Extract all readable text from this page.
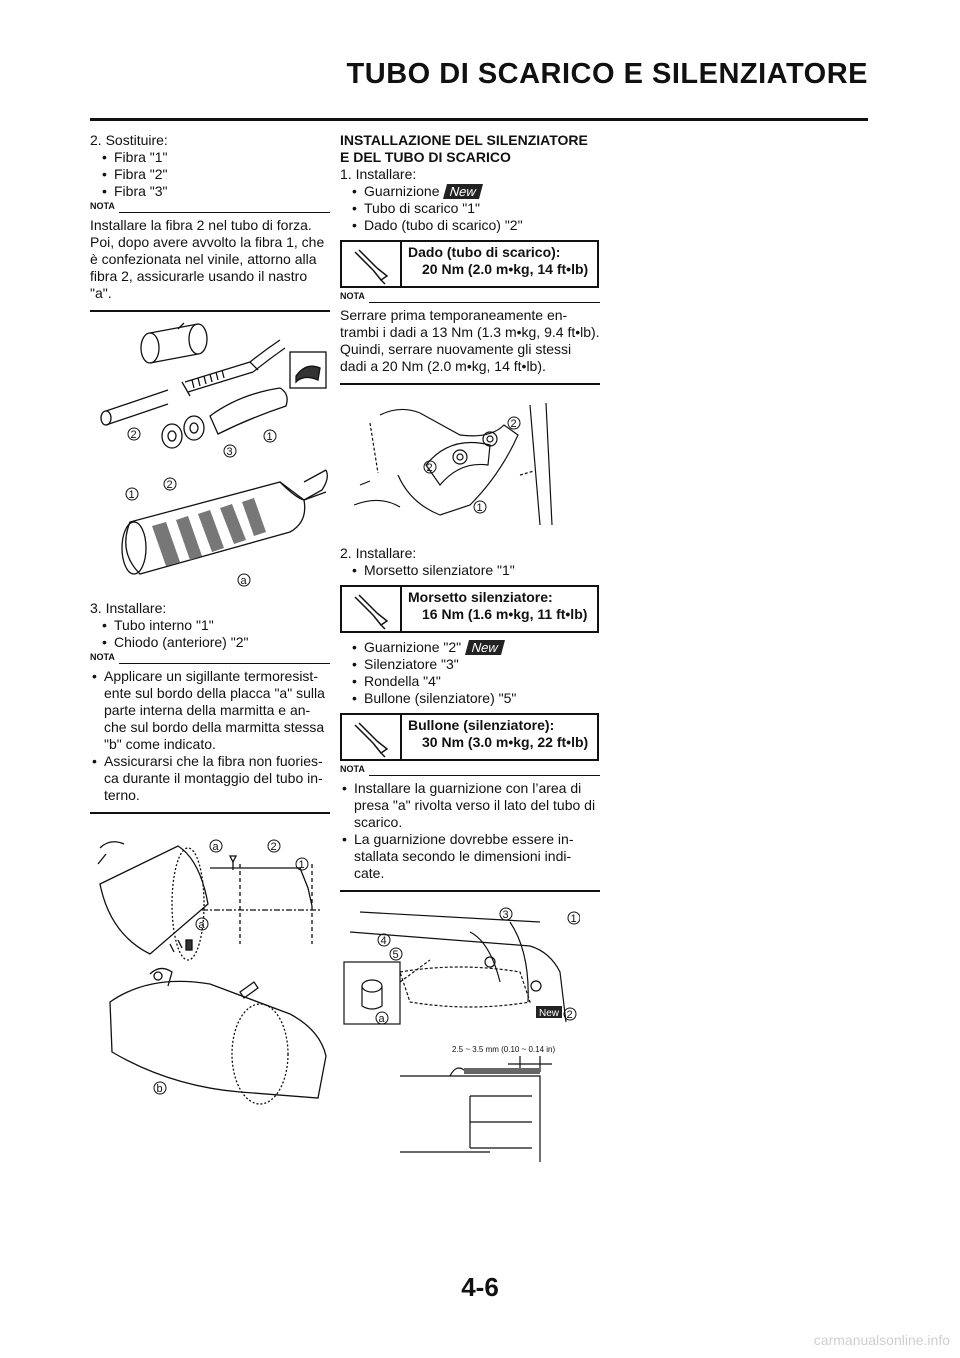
TUBO DI SCARICO E SILENZIATORE

2. Sostituire:

• Fibra "1"
• Fibra "2"
• Fibra "3"
NOTA

Installare la fibra 2 nel tubo di forza. Poi, dopo avere avvolto la fibra 1, che è confezionata nel vinile, attorno alla fibra 2, assicurarle usando il nastro "a".

2
3
1
1
2
a

3. Installare:

• Tubo interno "1"
• Chiodo (anteriore) "2"
NOTA
• Applicare un sigillante termoresist-ente sul bordo della placca "a" sulla parte interna della marmitta e an-che sul bordo della marmitta stessa "b" come indicato.
• Assicurarsi che la fibra non fuories-ca durante il montaggio del tubo in-terno.
a	2
1
a
b

INSTALLAZIONE DEL SILENZIATORE E DEL TUBO DI SCARICO

1. Installare:

• Guarnizione New
• Tubo di scarico "1"
• Dado (tubo di scarico) "2"
Dado (tubo di scarico):
20 Nm (2.0 m•kg, 14 ft•lb)
NOTA

Serrare prima temporaneamente en-trambi i dadi a 13 Nm (1.3 m•kg, 9.4 ft•lb). Quindi, serrare nuovamente gli stessi dadi a 20 Nm (2.0 m•kg, 14 ft•lb).

2
2
1

2. Installare:

• Morsetto silenziatore "1"
Morsetto silenziatore:
16 Nm (1.6 m•kg, 11 ft•lb)
• Guarnizione "2" New
• Silenziatore "3"
• Rondella "4"
• Bullone (silenziatore) "5"
Bullone (silenziatore):
30 Nm (3.0 m•kg, 22 ft•lb)
NOTA
• Installare la guarnizione con l’area di presa "a" rivolta verso il lato del tubo di scarico.
• La guarnizione dovrebbe essere in-stallata secondo le dimensioni indi-cate.
3	1
4
5
a	New 2
2.5 ~ 3.5 mm (0.10 ~ 0.14 in)
4-6
carmanualsonline.info
